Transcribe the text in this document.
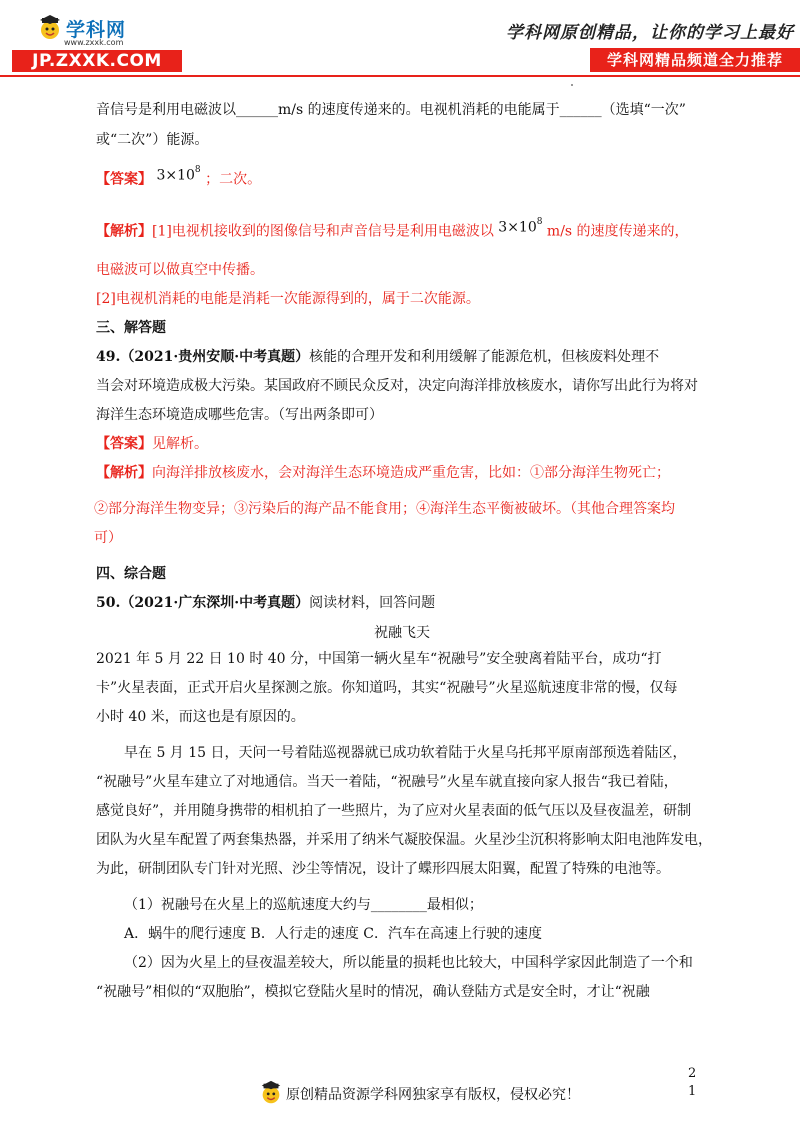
学科网
www.zxxk.com
JP.ZXXK.COM
学科网原创精品，让你的学习上最好
学科网精品频道全力推荐
音信号是利用电磁波以______m/s 的速度传递来的。电视机消耗的电能属于______（选填“一次”
或“二次”）能源。
【答案】 $3\times 10^8$ ；二次。
【解析】[1]电视机接收到的图像信号和声音信号是利用电磁波以 $3\times 10^8$ m/s 的速度传递来的，
电磁波可以做真空中传播。
[2]电视机消耗的电能是消耗一次能源得到的，属于二次能源。
三、解答题
49.（2021·贵州安顺·中考真题）核能的合理开发和利用缓解了能源危机，但核废料处理不
当会对环境造成极大污染。某国政府不顾民众反对，决定向海洋排放核废水，请你写出此行为将对
海洋生态环境造成哪些危害。（写出两条即可）
【答案】见解析。
【解析】向海洋排放核废水，会对海洋生态环境造成严重危害，比如：①部分海洋生物死亡；
②部分海洋生物变异；③污染后的海产品不能食用；④海洋生态平衡被破坏。（其他合理答案均
可）
四、综合题
50.（2021·广东深圳·中考真题）阅读材料，回答问题
祝融飞天
2021 年 5 月 22 日 10 时 40 分，中国第一辆火星车“祝融号”安全驶离着陆平台，成功“打
卡”火星表面，正式开启火星探测之旅。你知道吗，其实“祝融号”火星巡航速度非常的慢，仅每
小时 40 米，而这也是有原因的。
早在 5 月 15 日，天问一号着陆巡视器就已成功软着陆于火星乌托邦平原南部预选着陆区，
“祝融号”火星车建立了对地通信。当天一着陆，“祝融号”火星车就直接向家人报告“我已着陆，
感觉良好”，并用随身携带的相机拍了一些照片，为了应对火星表面的低气压以及昼夜温差，研制
团队为火星车配置了两套集热器，并采用了纳米气凝胶保温。火星沙尘沉积将影响太阳电池阵发电，
为此，研制团队专门针对光照、沙尘等情况，设计了蝶形四展太阳翼，配置了特殊的电池等。
（1）祝融号在火星上的巡航速度大约与________最相似；
A．蜗牛的爬行速度 B．人行走的速度 C．汽车在高速上行驶的速度
（2）因为火星上的昼夜温差较大，所以能量的损耗也比较大，中国科学家因此制造了一个和
“祝融号”相似的“双胞胎”，模拟它登陆火星时的情况，确认登陆方式是安全时，才让“祝融
原创精品资源学科网独家享有版权，侵权必究！
2
1
